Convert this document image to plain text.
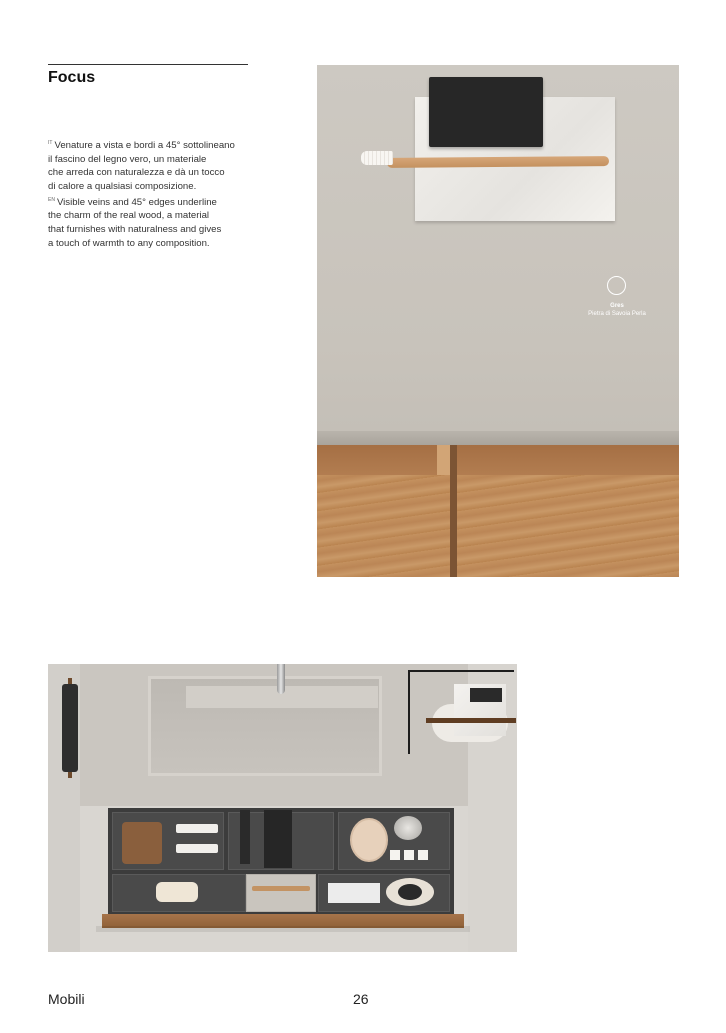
Focus

$^{IT}$ Venature a vista e bordi a 45° sottolineano

il fascino del legno vero, un materiale

che arreda con naturalezza e dà un tocco

di calore a qualsiasi composizione.

$^{EN}$ Visible veins and 45° edges underline

the charm of the real wood, a material

that furnishes with naturalness and gives

a touch of warmth to any composition.

Gres
Pietra di Savoia Perla
Mobili	26
